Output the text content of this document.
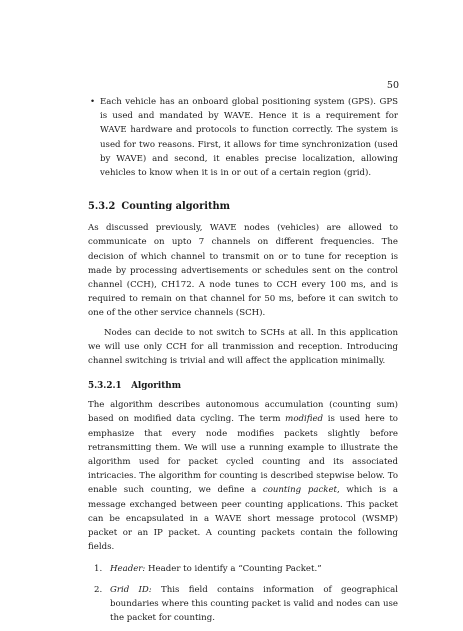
50

• Each vehicle has an onboard global positioning system (GPS). GPS is used and mandated by WAVE. Hence it is a requirement for WAVE hardware and protocols to function correctly. The system is used for two reasons. First, it allows for time synchronization (used by WAVE) and second, it enables precise localization, allowing vehicles to know when it is in or out of a certain region (grid).

5.3.2 Counting algorithm

As discussed previously, WAVE nodes (vehicles) are allowed to communicate on upto 7 channels on different frequencies. The decision of which channel to transmit on or to tune for reception is made by processing advertisements or schedules sent on the control channel (CCH), CH172. A node tunes to CCH every 100 ms, and is required to remain on that channel for 50 ms, before it can switch to one of the other service channels (SCH).

Nodes can decide to not switch to SCHs at all. In this application we will use only CCH for all tranmission and reception. Introducing channel switching is trivial and will affect the application minimally.

5.3.2.1 Algorithm

The algorithm describes autonomous accumulation (counting sum) based on modified data cycling. The term modified is used here to emphasize that every node modifies packets slightly before retransmitting them. We will use a running example to illustrate the algorithm used for packet cycled counting and its associated intricacies. The algorithm for counting is described stepwise below. To enable such counting, we define a counting packet, which is a message exchanged between peer counting applications. This packet can be encapsulated in a WAVE short message protocol (WSMP) packet or an IP packet. A counting packets contain the following fields.

1. Header: Header to identify a “Counting Packet.”
2. Grid ID: This field contains information of geographical boundaries where this counting packet is valid and nodes can use the packet for counting.
